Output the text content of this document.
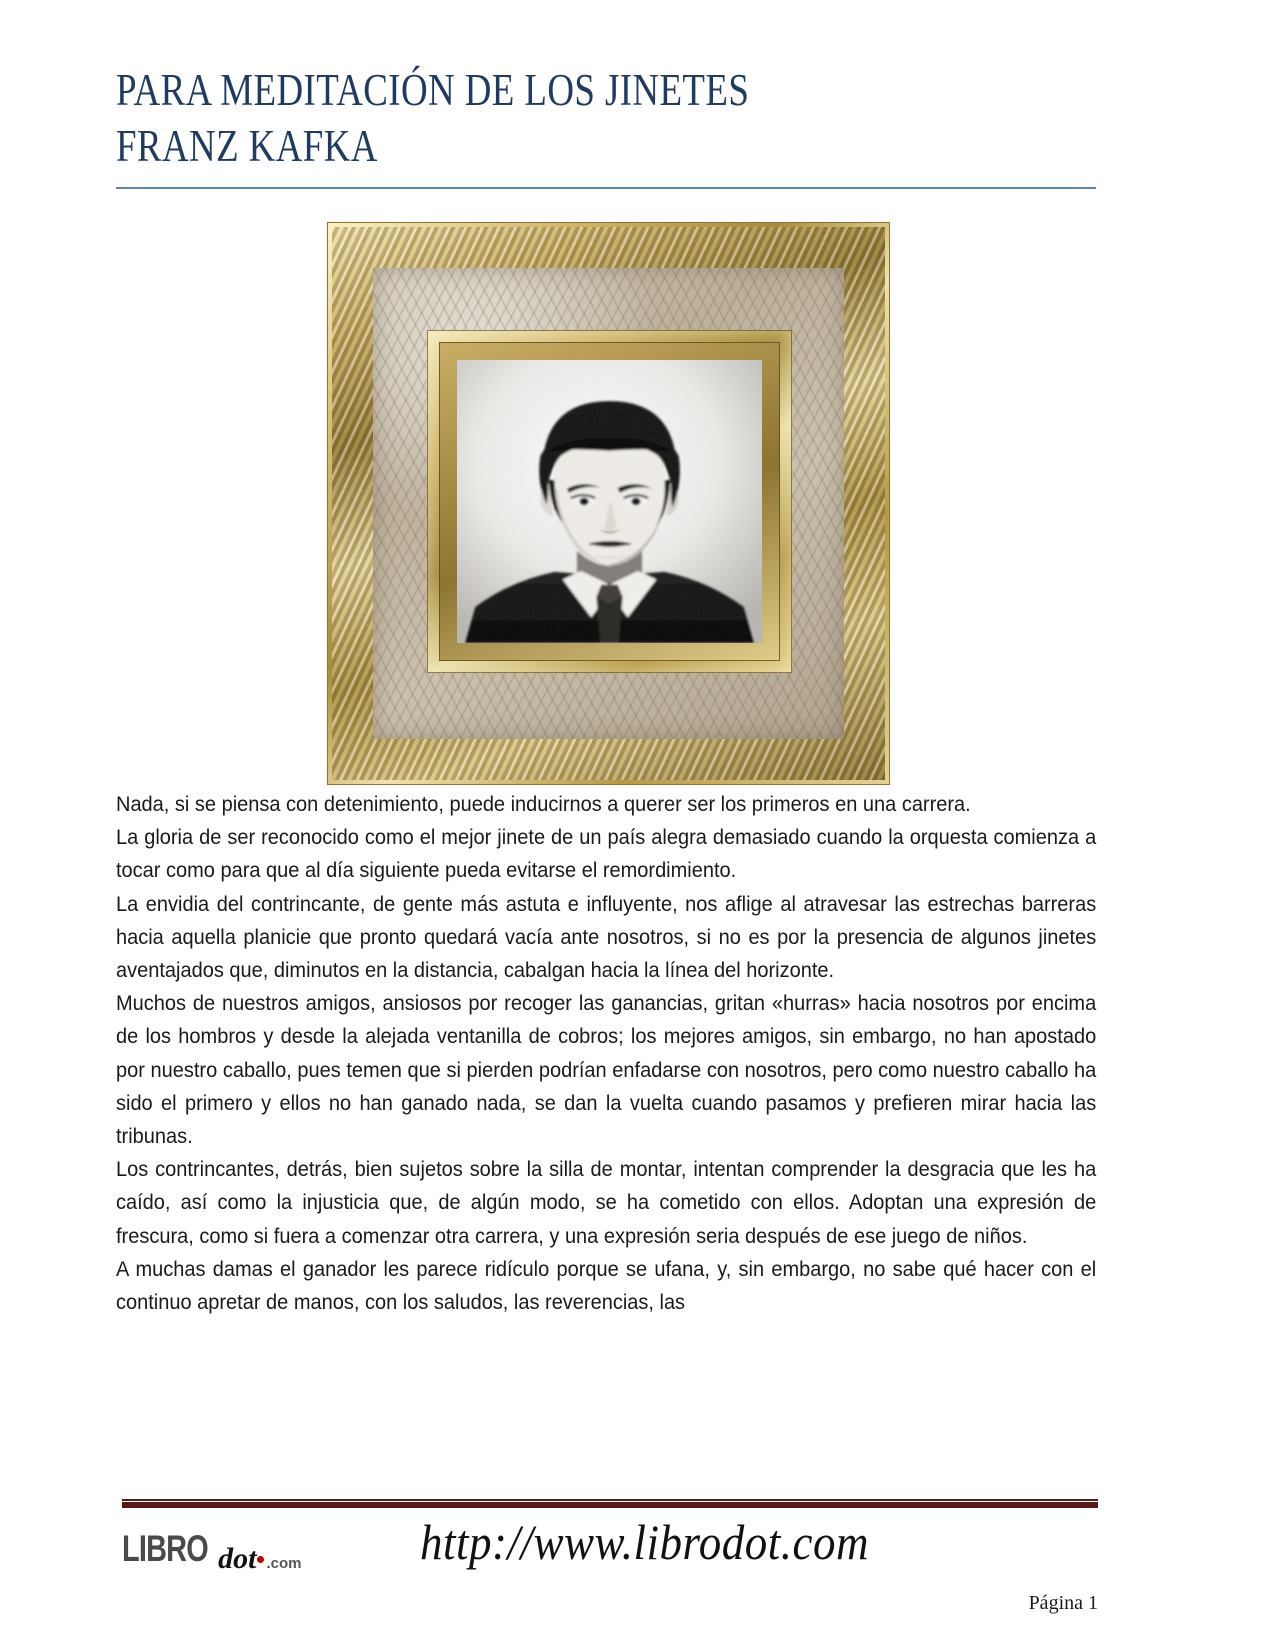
PARA MEDITACIÓN DE LOS JINETES
FRANZ KAFKA

Nada, si se piensa con detenimiento, puede inducirnos a querer ser los primeros en una carrera.

La gloria de ser reconocido como el mejor jinete de un país alegra demasiado cuando la orquesta comienza a tocar como para que al día siguiente pueda evitarse el remordimiento.

La envidia del contrincante, de gente más astuta e influyente, nos aflige al atravesar las estrechas barreras hacia aquella planicie que pronto quedará vacía ante nosotros, si no es por la presencia de algunos jinetes aventajados que, diminutos en la distancia, cabalgan hacia la línea del horizonte.

Muchos de nuestros amigos, ansiosos por recoger las ganancias, gritan «hurras» hacia nosotros por encima de los hombros y desde la alejada ventanilla de cobros; los mejores amigos, sin embargo, no han apostado por nuestro caballo, pues temen que si pierden podrían enfadarse con nosotros, pero como nuestro caballo ha sido el primero y ellos no han ganado nada, se dan la vuelta cuando pasamos y prefieren mirar hacia las tribunas.

Los contrincantes, detrás, bien sujetos sobre la silla de montar, intentan comprender la desgracia que les ha caído, así como la injusticia que, de algún modo, se ha cometido con ellos. Adoptan una expresión de frescura, como si fuera a comenzar otra carrera, y una expresión seria después de ese juego de niños.

A muchas damas el ganador les parece ridículo porque se ufana, y, sin embargo, no sabe qué hacer con el continuo apretar de manos, con los saludos, las reverencias, las

LIBRO dot .com	http://www.librodot.com
Página 1
